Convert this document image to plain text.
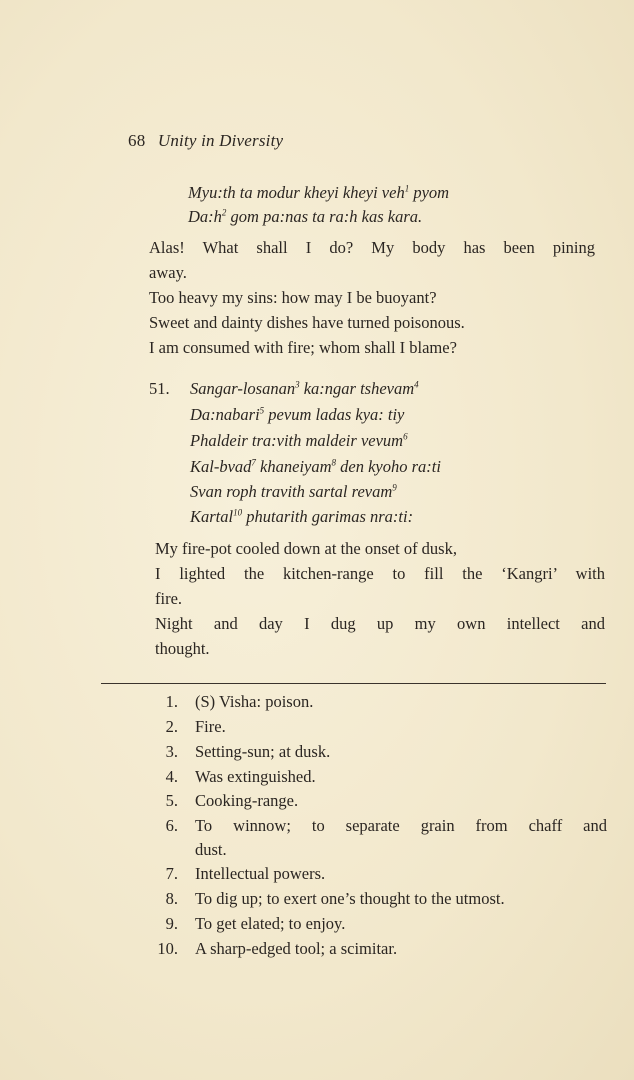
68 Unity in Diversity
Myu:th ta modur kheyi kheyi veh$^1$ pyom
$Da:h^2$ gom pa:nas ta ra:h kas kara.
Alas! What shall I do? My body has been pining
away.
Too heavy my sins: how may I be buoyant?
Sweet and dainty dishes have turned poisonous.
I am consumed with fire; whom shall I blame?
51. Sangar-losanan$^3$ ka:ngar tshevam$^4$
Da:nabari$^5$ pevum ladas kya: tiy
Phaldeir tra:vith maldeir vevum$^6$
Kal-bvad$^7$ khaneiyam$^8$ den kyoho ra:ti
Svan roph travith sartal revam$^9$
Kartal$^{10}$ phutarith garimas nra:ti:
My fire-pot cooled down at the onset of dusk,
I lighted the kitchen-range to fill the ‘Kangri’ with
fire.
Night and day I dug up my own intellect and
thought.
1. (S) Visha: poison.
2. Fire.
3. Setting-sun; at dusk.
4. Was extinguished.
5. Cooking-range.
6. To winnow; to separate grain from chaff and
dust.
7. Intellectual powers.
8. To dig up; to exert one’s thought to the utmost.
9. To get elated; to enjoy.
10. A sharp-edged tool; a scimitar.
